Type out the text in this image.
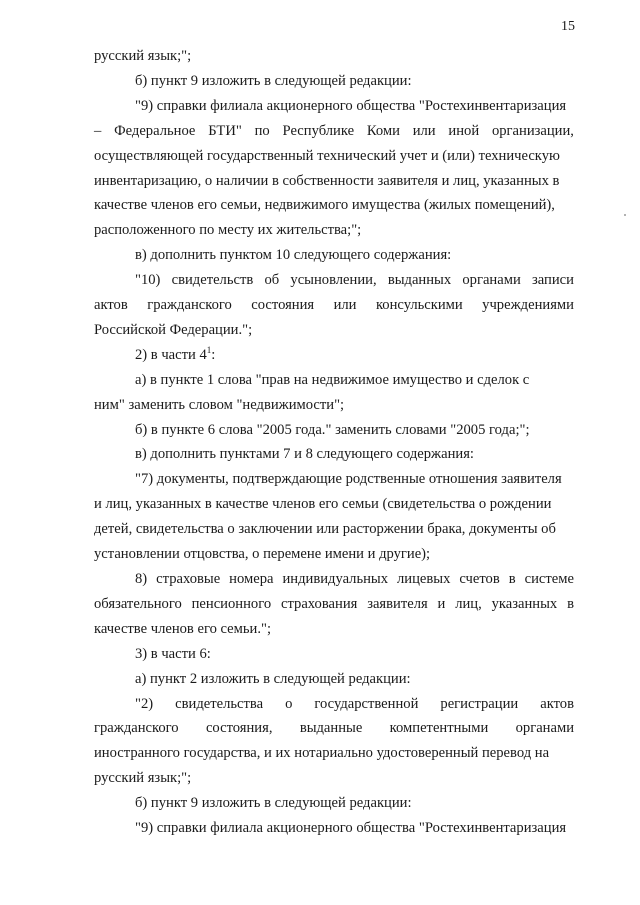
15
русский язык;";
б) пункт 9 изложить в следующей редакции:
"9) справки филиала акционерного общества "Ростехинвентаризация
– Федеральное БТИ" по Республике Коми или иной организации,
осуществляющей государственный технический учет и (или) техническую
инвентаризацию, о наличии в собственности заявителя и лиц, указанных в
качестве членов его семьи, недвижимого имущества (жилых помещений),
расположенного по месту их жительства;";
в) дополнить пунктом 10 следующего содержания:
"10) свидетельств об усыновлении, выданных органами записи
актов гражданского состояния или консульскими учреждениями
Российской Федерации.";
2) в части $4^1$:
а) в пункте 1 слова "прав на недвижимое имущество и сделок с
ним" заменить словом "недвижимости";
б) в пункте 6 слова "2005 года." заменить словами "2005 года;";
в) дополнить пунктами 7 и 8 следующего содержания:
"7) документы, подтверждающие родственные отношения заявителя
и лиц, указанных в качестве членов его семьи (свидетельства о рождении
детей, свидетельства о заключении или расторжении брака, документы об
установлении отцовства, о перемене имени и другие);
8) страховые номера индивидуальных лицевых счетов в системе
обязательного пенсионного страхования заявителя и лиц, указанных в
качестве членов его семьи.";
3) в части 6:
а) пункт 2 изложить в следующей редакции:
"2) свидетельства о государственной регистрации актов
гражданского состояния, выданные компетентными органами
иностранного государства, и их нотариально удостоверенный перевод на
русский язык;";
б) пункт 9 изложить в следующей редакции:
"9) справки филиала акционерного общества "Ростехинвентаризация
